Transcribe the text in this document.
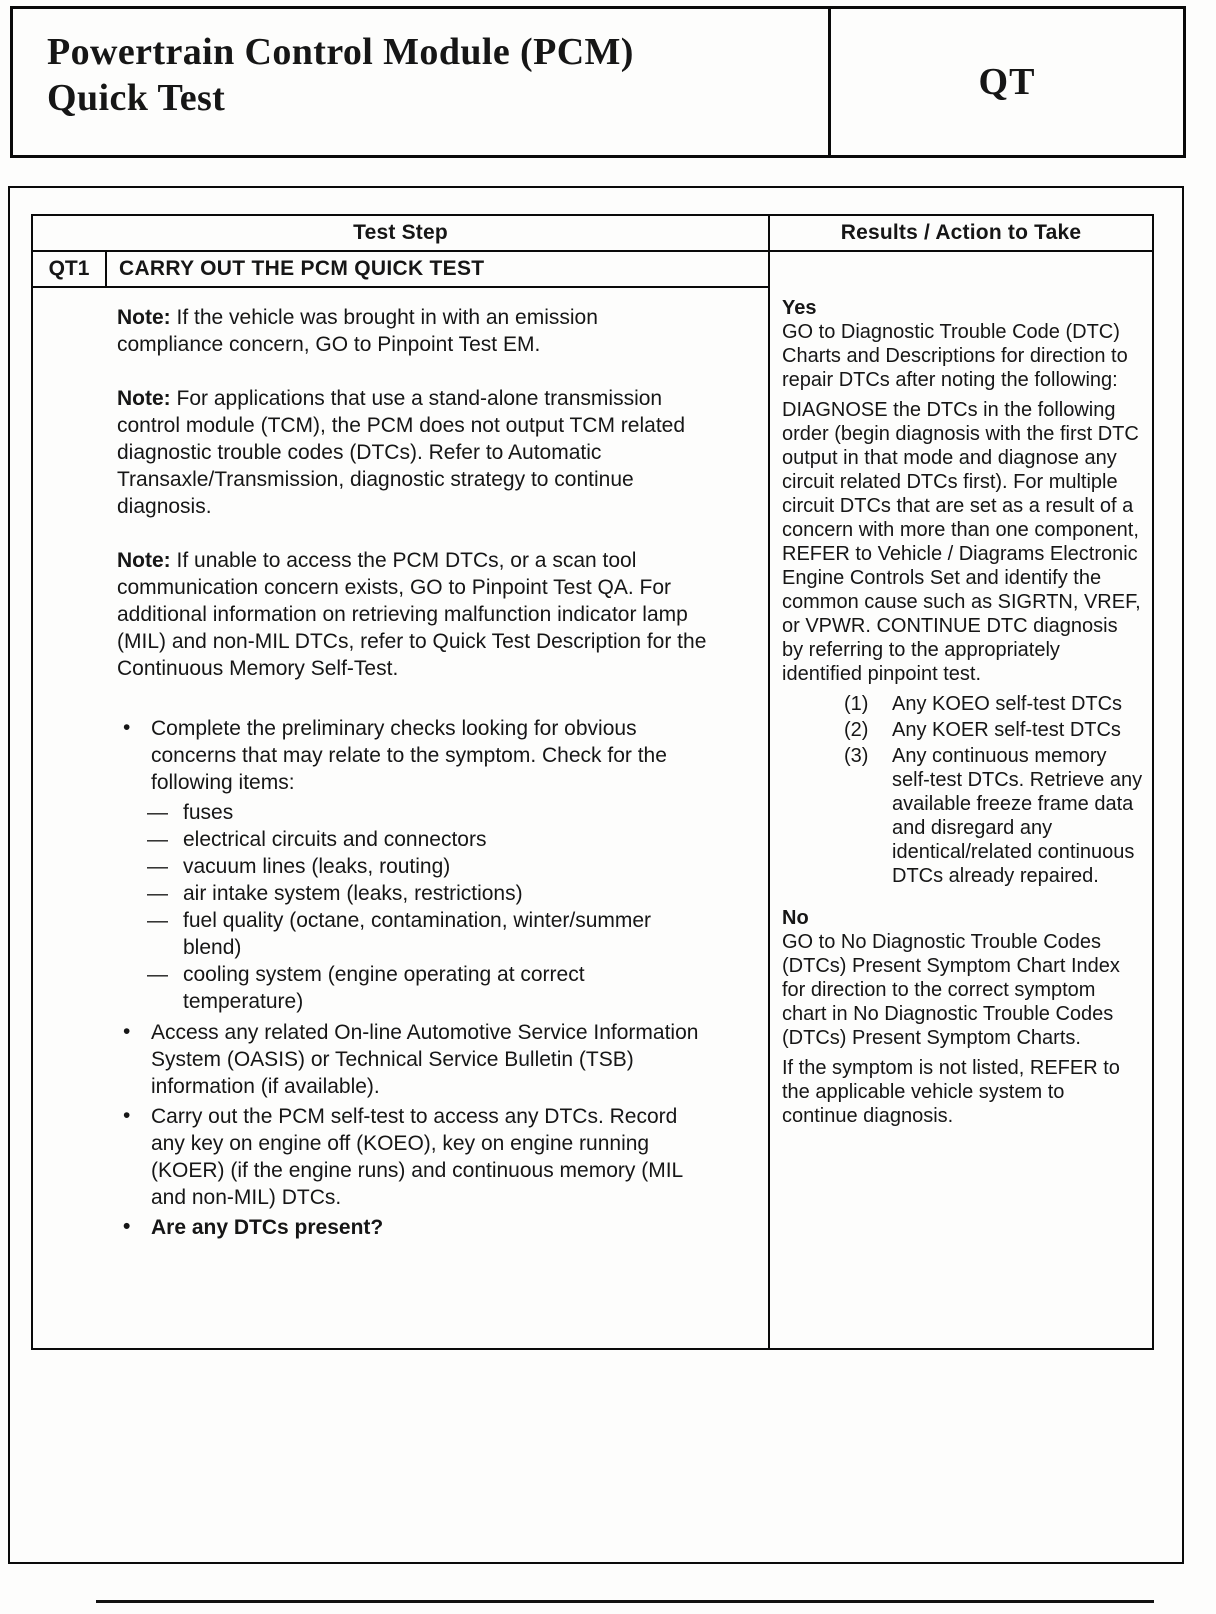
Powertrain Control Module (PCM)
Quick Test	QT
Test Step
QT1	CARRY OUT THE PCM QUICK TEST

Note: If the vehicle was brought in with an emission compliance concern, GO to Pinpoint Test EM.

Note: For applications that use a stand-alone transmission control module (TCM), the PCM does not output TCM related diagnostic trouble codes (DTCs). Refer to Automatic Transaxle/Transmission, diagnostic strategy to continue diagnosis.

Note: If unable to access the PCM DTCs, or a scan tool communication concern exists, GO to Pinpoint Test QA. For additional information on retrieving malfunction indicator lamp (MIL) and non-MIL DTCs, refer to Quick Test Description for the Continuous Memory Self-Test.

• Complete the preliminary checks looking for obvious concerns that may relate to the symptom. Check for the following items:
— fuses
— electrical circuits and connectors
— vacuum lines (leaks, routing)
— air intake system (leaks, restrictions)
— fuel quality (octane, contamination, winter/summer blend)
— cooling system (engine operating at correct temperature)
• Access any related On-line Automotive Service Information System (OASIS) or Technical Service Bulletin (TSB) information (if available).
• Carry out the PCM self-test to access any DTCs. Record any key on engine off (KOEO), key on engine running (KOER) (if the engine runs) and continuous memory (MIL and non-MIL) DTCs.
• Are any DTCs present?
Results / Action to Take
Yes
GO to Diagnostic Trouble Code (DTC) Charts and Descriptions for direction to repair DTCs after noting the following:
DIAGNOSE the DTCs in the following order (begin diagnosis with the first DTC output in that mode and diagnose any circuit related DTCs first). For multiple circuit DTCs that are set as a result of a concern with more than one component, REFER to Vehicle / Diagrams Electronic Engine Controls Set and identify the common cause such as SIGRTN, VREF, or VPWR. CONTINUE DTC diagnosis by referring to the appropriately identified pinpoint test.
(1) Any KOEO self-test DTCs
(2) Any KOER self-test DTCs
(3) Any continuous memory self-test DTCs. Retrieve any available freeze frame data and disregard any identical/related continuous DTCs already repaired.
No
GO to No Diagnostic Trouble Codes (DTCs) Present Symptom Chart Index for direction to the correct symptom chart in No Diagnostic Trouble Codes (DTCs) Present Symptom Charts.
If the symptom is not listed, REFER to the applicable vehicle system to continue diagnosis.
